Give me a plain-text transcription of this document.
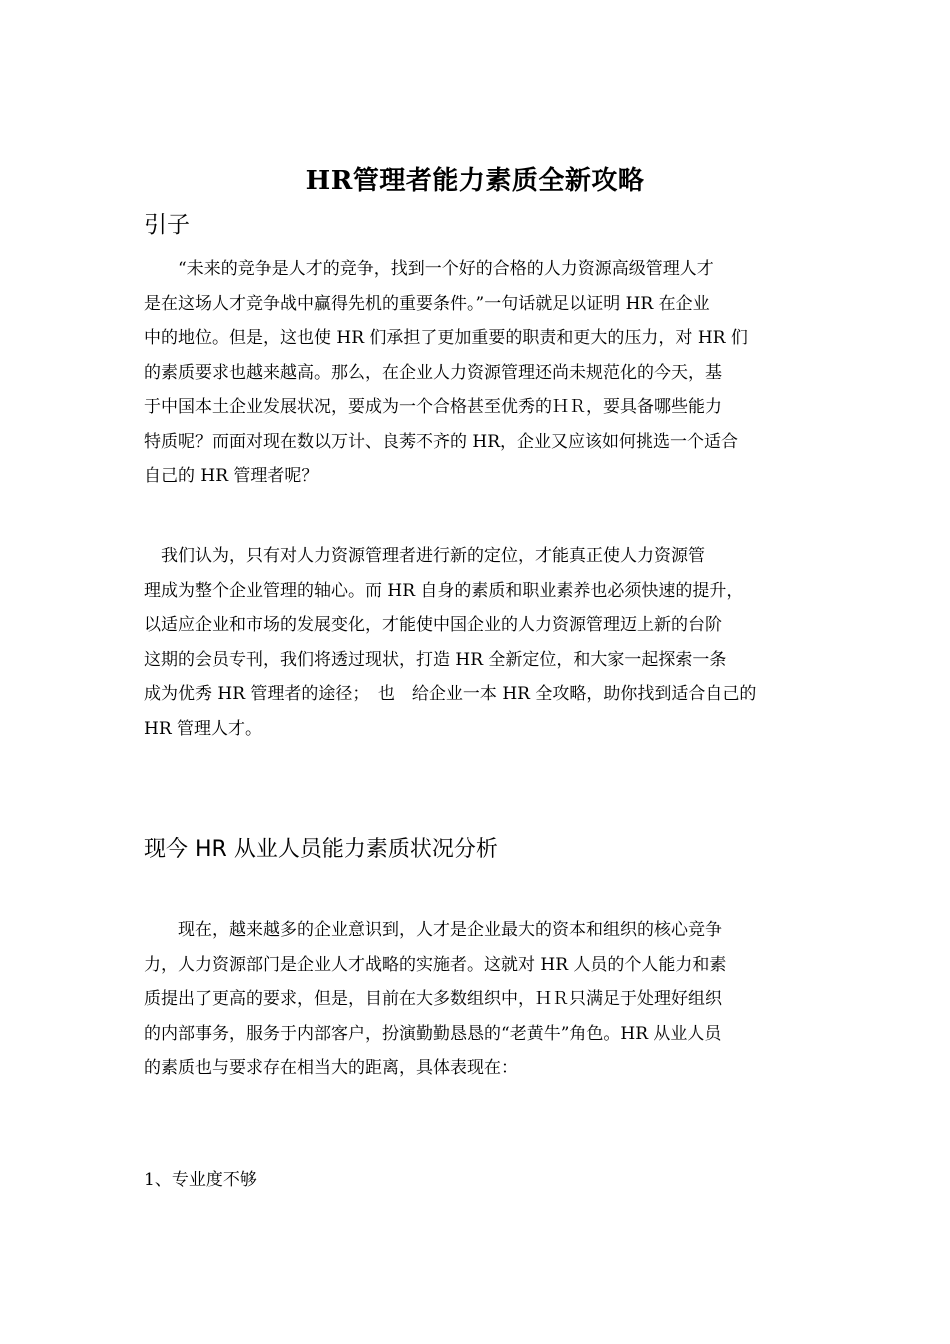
HR管理者能力素质全新攻略
引子
　　“未来的竞争是人才的竞争，找到一个好的合格的人力资源高级管理人才
是在这场人才竞争战中赢得先机的重要条件。”一句话就足以证明 HR 在企业
中的地位。但是，这也使 HR 们承担了更加重要的职责和更大的压力，对 HR 们
的素质要求也越来越高。那么，在企业人力资源管理还尚未规范化的今天，基
于中国本土企业发展状况，要成为一个合格甚至优秀的ＨＲ，要具备哪些能力
特质呢？而面对现在数以万计、良莠不齐的 HR，企业又应该如何挑选一个适合
自己的 HR 管理者呢？
　我们认为，只有对人力资源管理者进行新的定位，才能真正使人力资源管
理成为整个企业管理的轴心。而 HR 自身的素质和职业素养也必须快速的提升，
以适应企业和市场的发展变化，才能使中国企业的人力资源管理迈上新的台阶
这期的会员专刊，我们将透过现状，打造 HR 全新定位，和大家一起探索一条
成为优秀 HR 管理者的途径；　也　给企业一本 HR 全攻略，助你找到适合自己的
HR 管理人才。
现今 HR 从业人员能力素质状况分析
　　现在，越来越多的企业意识到，人才是企业最大的资本和组织的核心竞争
力，人力资源部门是企业人才战略的实施者。这就对 HR 人员的个人能力和素
质提出了更高的要求，但是，目前在大多数组织中，ＨＲ只满足于处理好组织
的内部事务，服务于内部客户，扮演勤勤恳恳的“老黄牛”角色。HR 从业人员
的素质也与要求存在相当大的距离，具体表现在：
1、专业度不够
